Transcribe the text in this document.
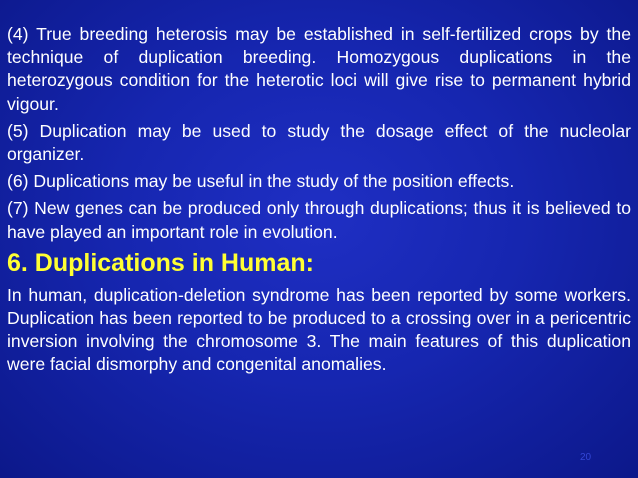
(4) True breeding heterosis may be established in self-fertilized crops by the technique of duplication breeding. Homozygous duplications in the heterozygous condition for the heterotic loci will give rise to permanent hybrid vigour.

(5) Duplication may be used to study the dosage effect of the nucleolar organizer.

(6) Duplications may be useful in the study of the position effects.

(7) New genes can be produced only through duplications; thus it is believed to have played an important role in evolution.

6. Duplications in Human:

In human, duplication-deletion syndrome has been reported by some workers. Duplication has been reported to be produced to a crossing over in a pericentric inversion involving the chromosome 3. The main features of this duplication were facial dismorphy and congenital anomalies.

20
